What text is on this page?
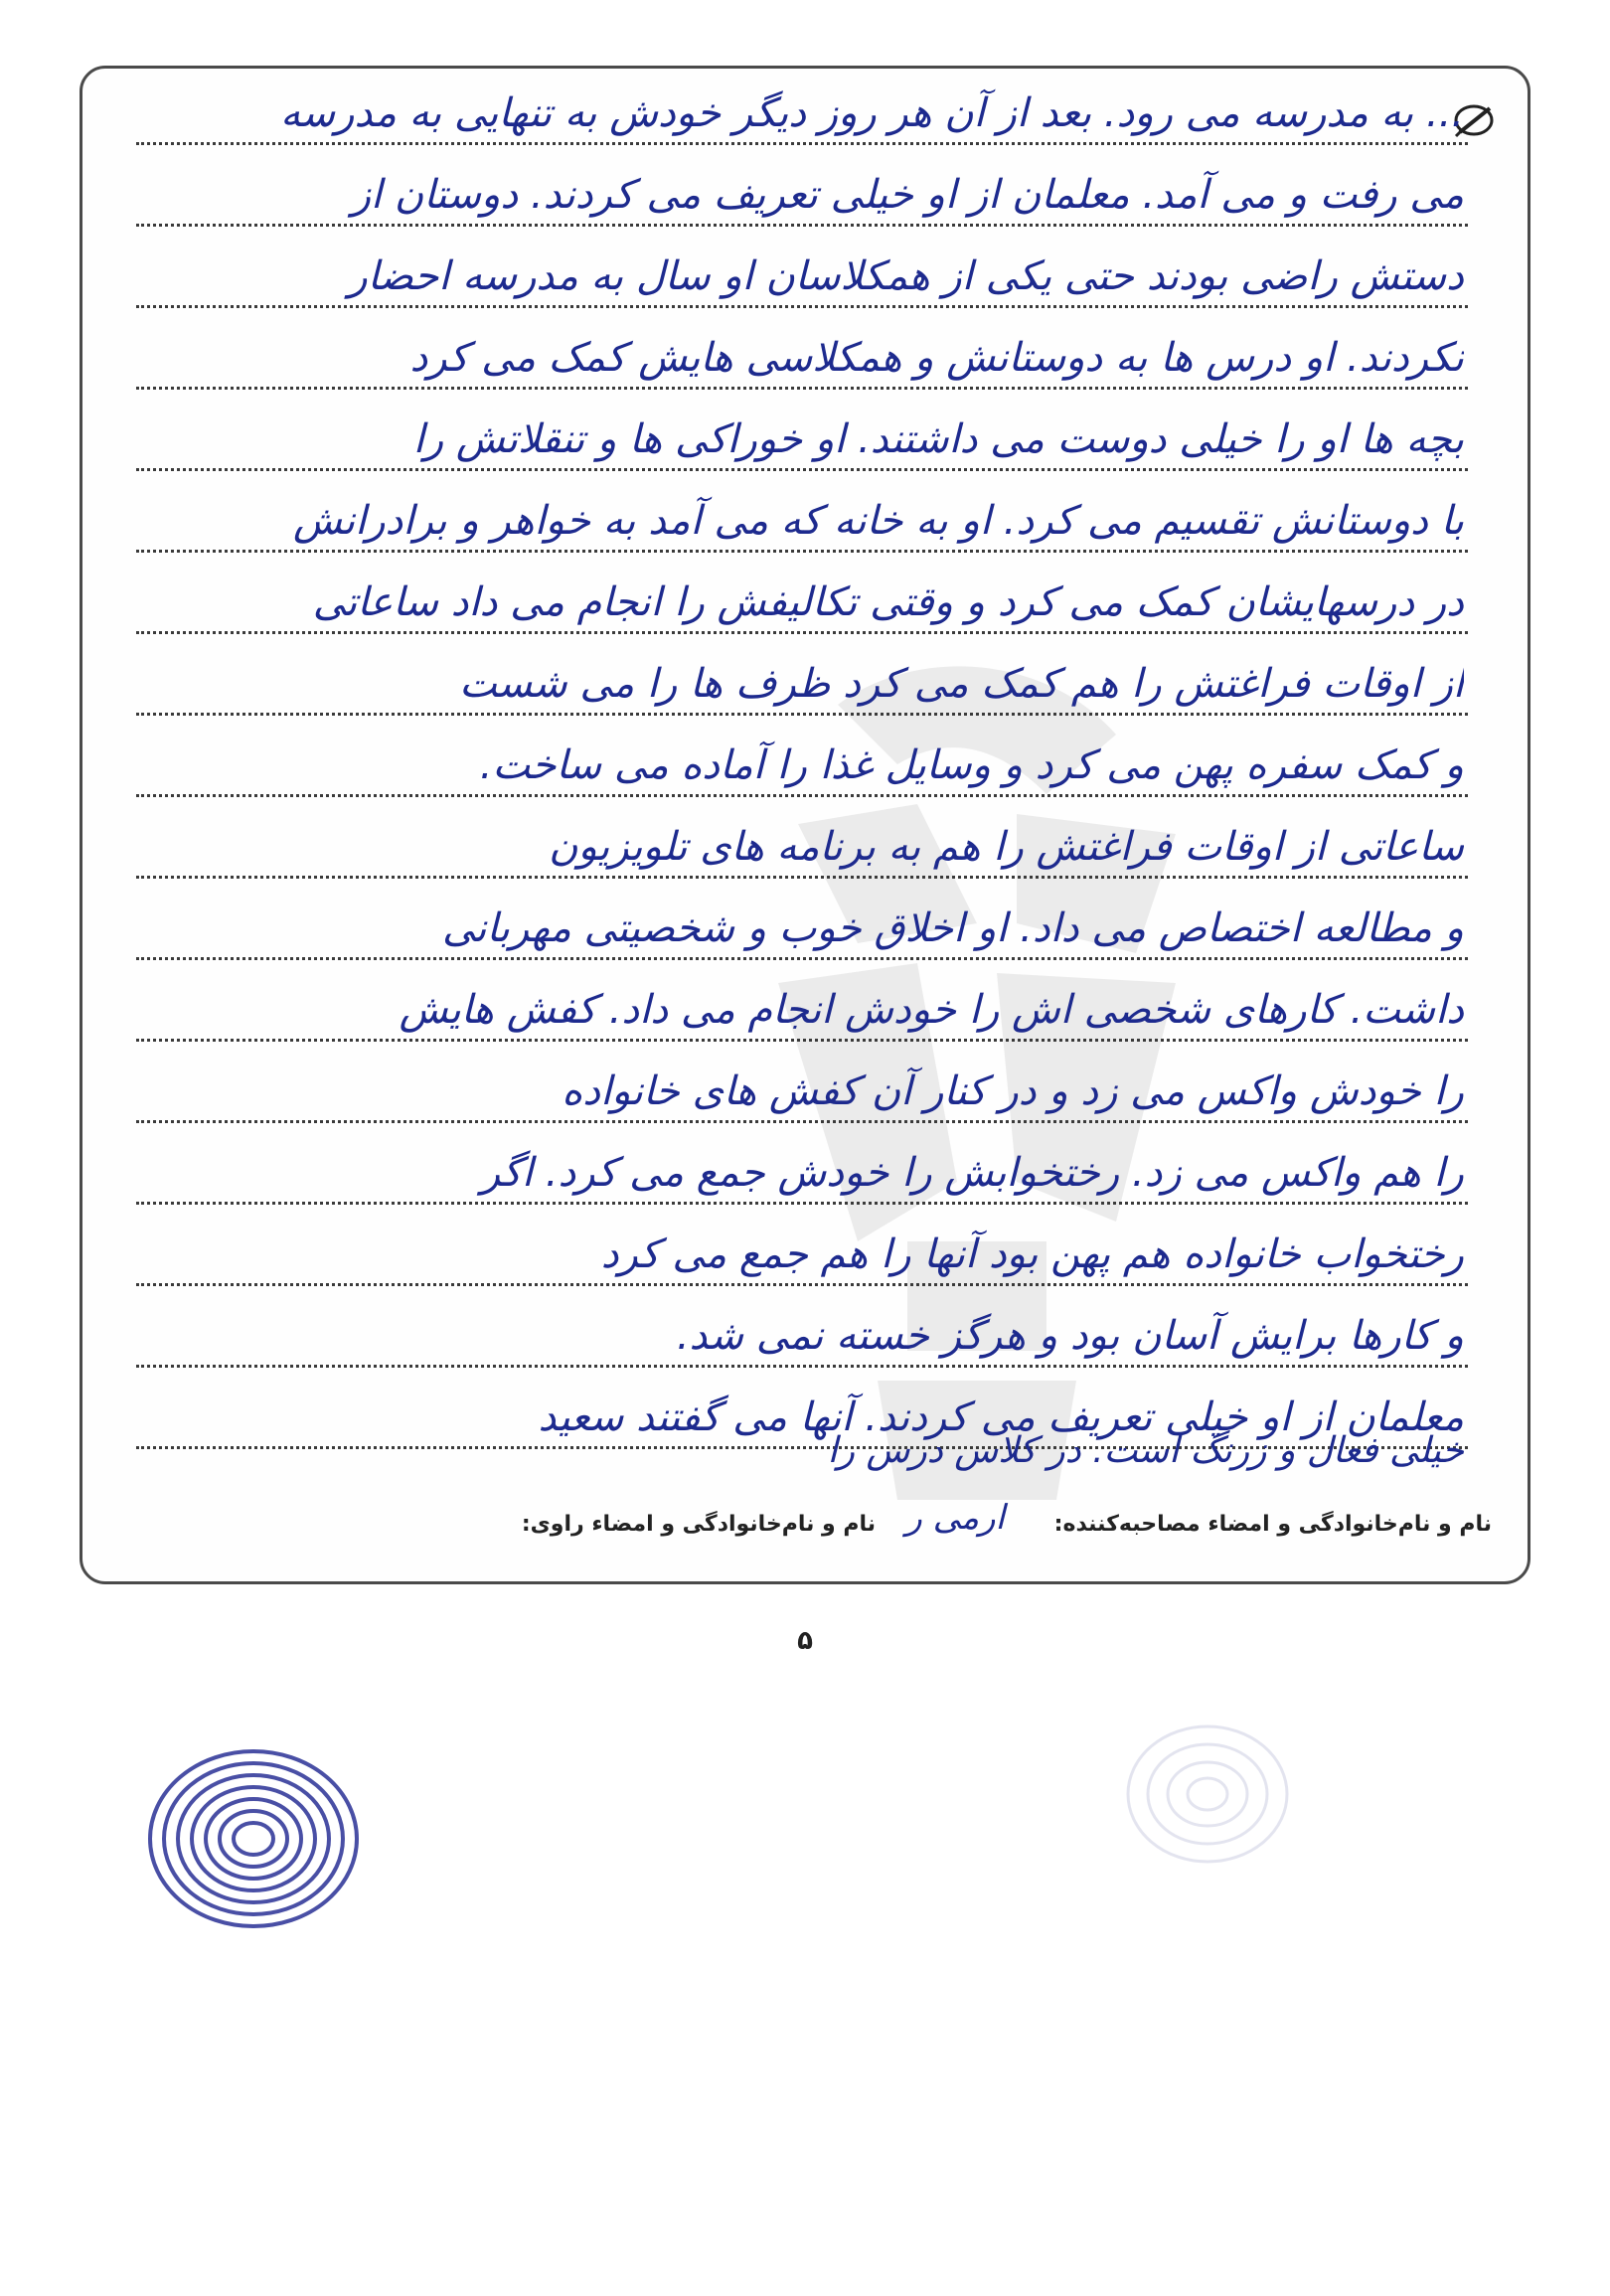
... به مدرسه می رود. بعد از آن هر روز دیگر خودش به تنهایی به مدرسه
می رفت و می آمد. معلمان از او خیلی تعریف می کردند. دوستان از
دستش راضی بودند حتی یکی از همکلاسان او سال به مدرسه احضار
نکردند. او درس ها به دوستانش و همکلاسی هایش کمک می کرد
بچه ها او را خیلی دوست می داشتند. او خوراکی ها و تنقلاتش را
با دوستانش تقسیم می کرد. او به خانه که می آمد به خواهر و برادرانش
در درسهایشان کمک می کرد و وقتی تکالیفش را انجام می داد ساعاتی
از اوقات فراغتش را هم کمک می کرد ظرف ها را می شست
و کمک سفره پهن می کرد و وسایل غذا را آماده می ساخت.
ساعاتی از اوقات فراغتش را هم به برنامه های تلویزیون
و مطالعه اختصاص می داد. او اخلاق خوب و شخصیتی مهربانی
داشت. کارهای شخصی اش را خودش انجام می داد. کفش هایش
را خودش واکس می زد و در کنار آن کفش های خانواده
را هم واکس می زد. رختخوابش را خودش جمع می کرد. اگر
رختخواب خانواده هم پهن بود آنها را هم جمع می کرد
و کارها برایش آسان بود و هرگز خسته نمی شد.
معلمان از او خیلی تعریف می کردند. آنها می گفتند سعید
خیلی فعال و زرنگ است. در کلاس درس را
نام و نام‌خانوادگی و امضاء مصاحبه‌کننده:
ارمی ر
نام و نام‌خانوادگی و امضاء راوی:
۵
